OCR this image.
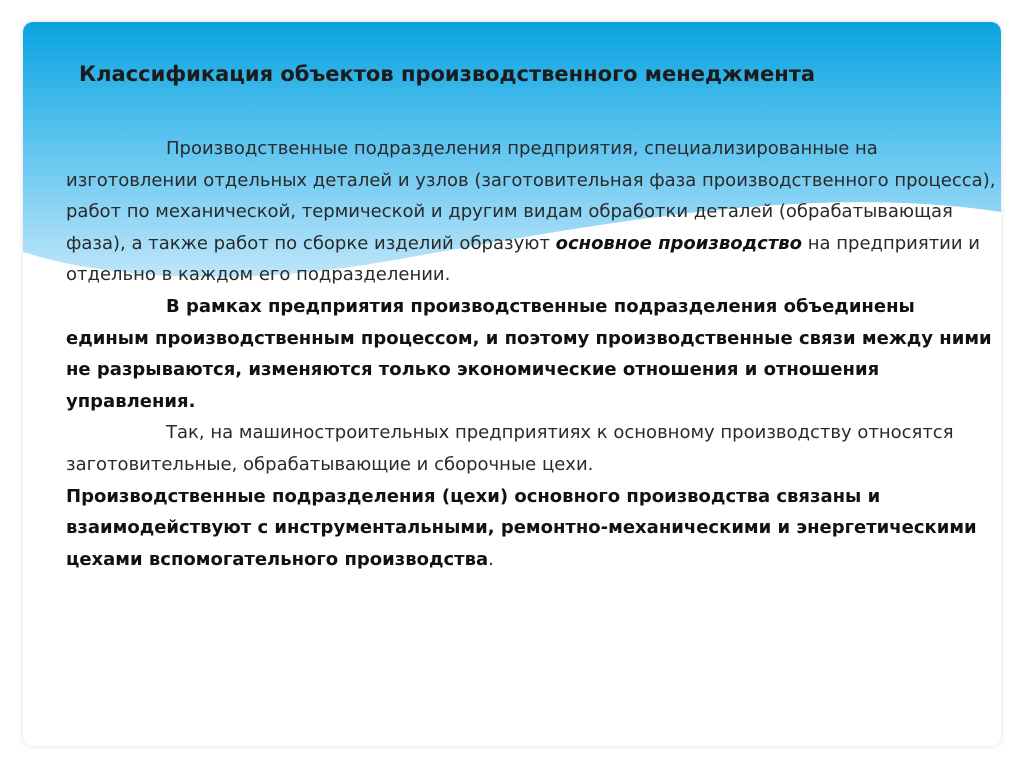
Классификация объектов производственного менеджмента

Производственные подразделения предприятия, специализированные на изготовлении отдельных деталей и узлов (заготовительная фаза производственного процесса), работ по механической, термической и другим видам обработки деталей (обрабатывающая фаза), а также работ по сборке изделий образуют основное производство на предприятии и отдельно в каждом его подразделении.

В рамках предприятия производственные подразделения объединены единым производственным процессом, и поэтому производственные связи между ними не разрываются, изменяются только экономические отношения и отношения управления.

Так, на машиностроительных предприятиях к основному производству относятся заготовительные, обрабатывающие и сборочные цехи.

Производственные подразделения (цехи) основного производства связаны и взаимодействуют с инструментальными, ремонтно-механическими и энергетическими цехами вспомогательного производства.
